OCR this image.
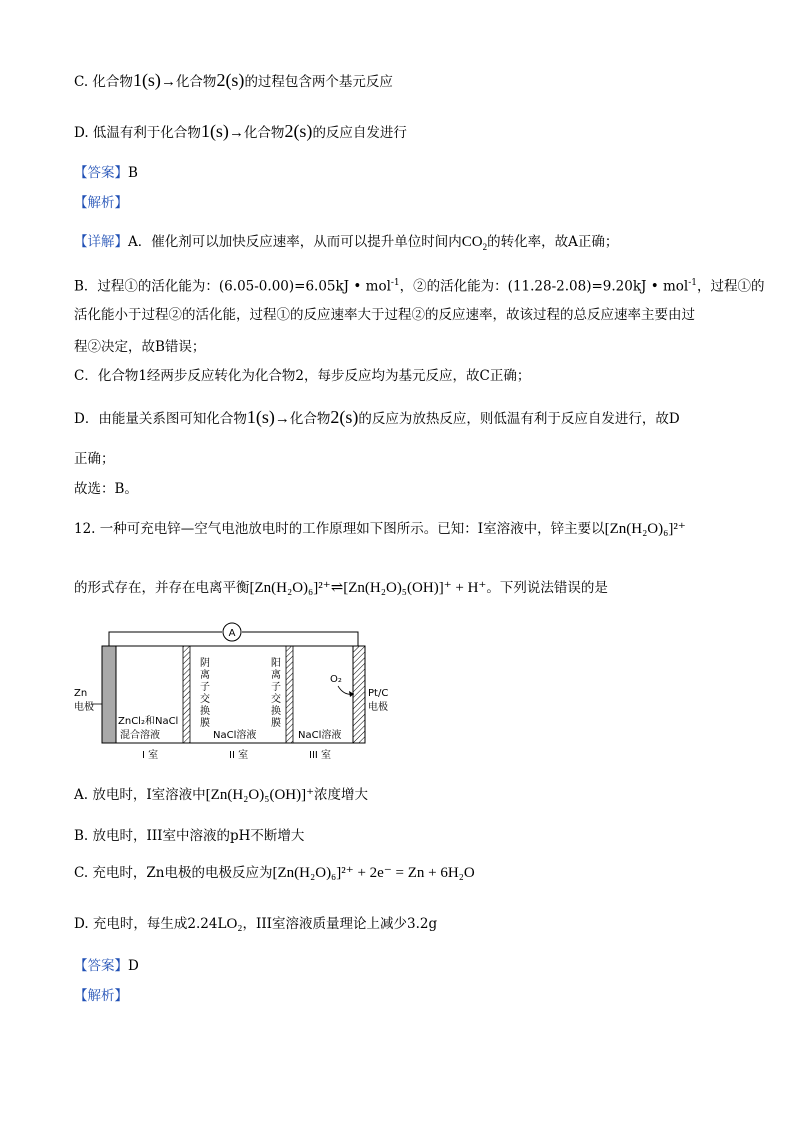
C. 化合物1(s)→化合物2(s)的过程包含两个基元反应
D. 低温有利于化合物1(s)→化合物2(s)的反应自发进行
【答案】B
【解析】
【详解】A．催化剂可以加快反应速率，从而可以提升单位时间内$CO_2$的转化率，故A正确；
B．过程①的活化能为：(6.05-0.00)=6.05kJ • mol$^{-1}$，②的活化能为：(11.28-2.08)=9.20kJ • mol$^{-1}$，过程①的
活化能小于过程②的活化能，过程①的反应速率大于过程②的反应速率，故该过程的总反应速率主要由过
程②决定，故B错误；
C．化合物1经两步反应转化为化合物2，每步反应均为基元反应，故C正确；
D．由能量关系图可知化合物1(s)→化合物2(s)的反应为放热反应，则低温有利于反应自发进行，故D
正确；
故选：B。
12. 一种可充电锌—空气电池放电时的工作原理如下图所示。已知：I室溶液中，锌主要以[Zn(H₂O)₆]²⁺
的形式存在，并存在电离平衡[Zn(H₂O)₆]²⁺⇌[Zn(H₂O)₅(OH)]⁺ + H⁺。下列说法错误的是
A
阴
离
子
交
换
膜
阳
离
子
交
换
膜
Zn
电极
Pt/C
电极
O₂
ZnCl₂和NaCl
混合溶液	NaCl溶液	NaCl溶液
I 室	II 室	III 室
A. 放电时，I室溶液中[Zn(H₂O)₅(OH)]⁺浓度增大
B. 放电时，III室中溶液的pH不断增大
C. 充电时，Zn电极的电极反应为[Zn(H₂O)₆]²⁺ + 2e⁻ = Zn + 6H₂O
D. 充电时，每生成2.24LO₂，III室溶液质量理论上减少3.2g
【答案】D
【解析】
